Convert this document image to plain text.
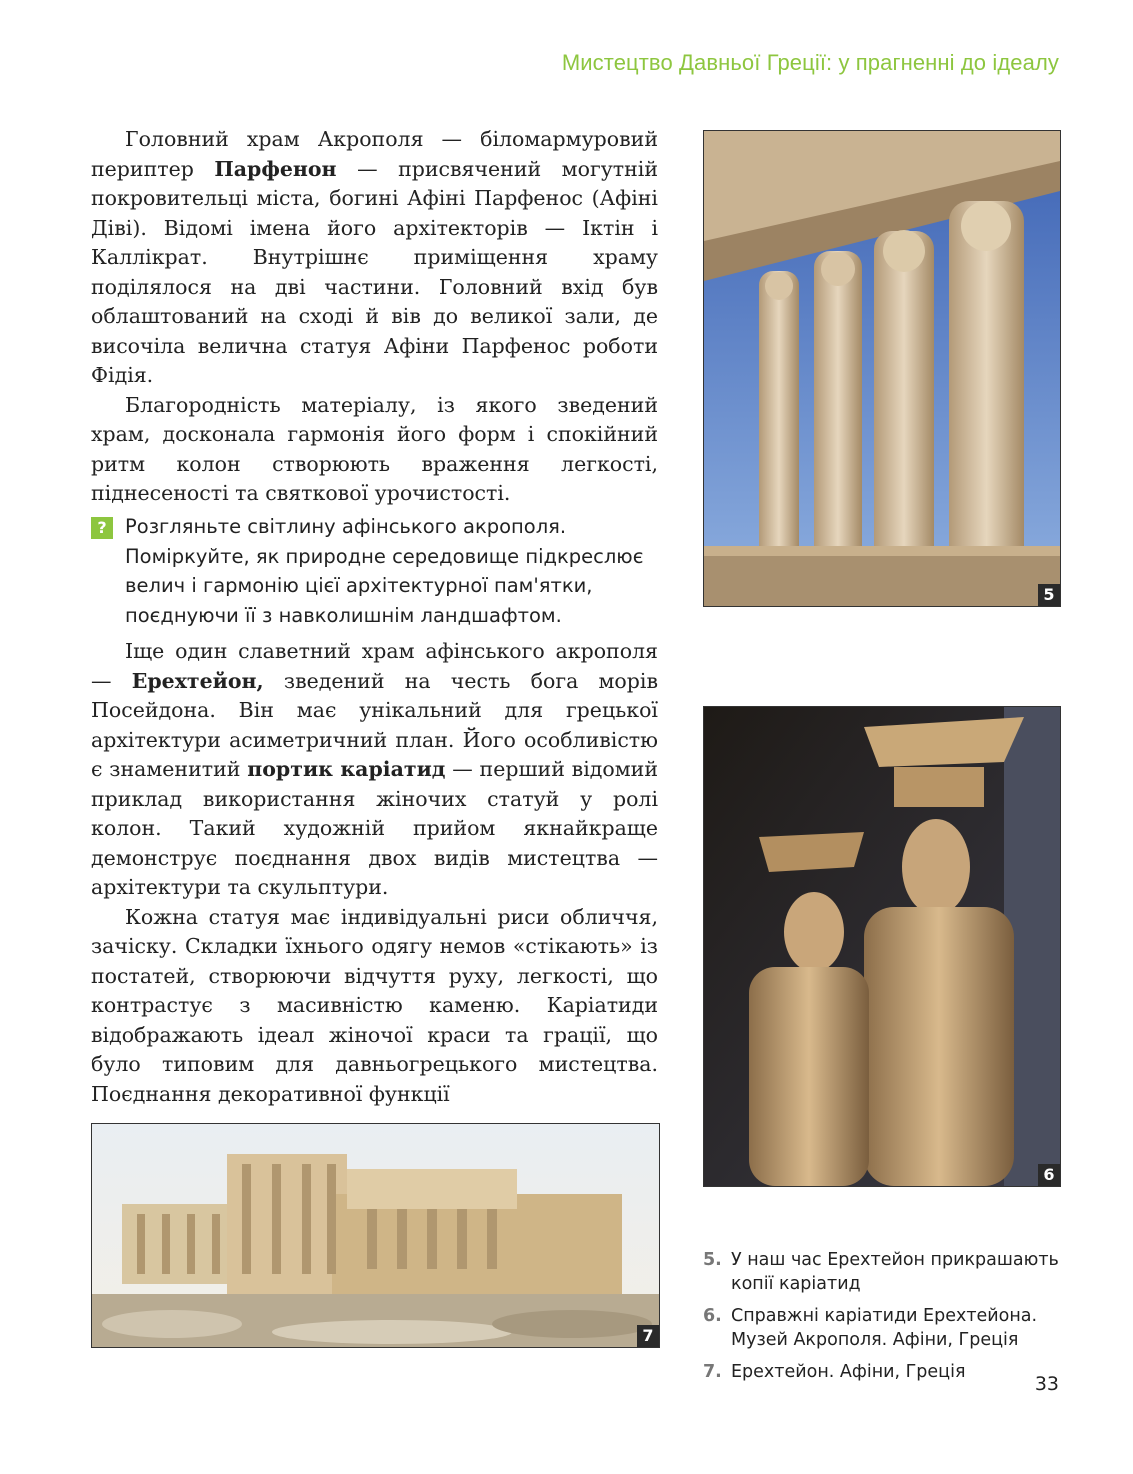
Мистецтво Давньої Греції: у прагненні до ідеалу

Головний храм Акрополя — біломармуровий периптер Парфенон — присвячений могутній покровительці міста, богині Афіні Парфенос (Афіні Діві). Відомі імена його архітекторів — Іктін і Каллікрат. Внутрішнє приміщення храму поділялося на дві частини. Головний вхід був облаштований на сході й вів до великої зали, де височіла велична статуя Афіни Парфенос роботи Фідія.

Благородність матеріалу, із якого зведений храм, досконала гармонія його форм і спокійний ритм колон створюють враження легкості, піднесеності та святкової урочистості.

? Розгляньте світлину афінського акрополя. Поміркуйте, як природне середовище підкреслює велич і гармонію цієї архітектурної пам'ятки, поєднуючи її з навколишнім ландшафтом.

Іще один славетний храм афінського акрополя — Ерехтейон, зведений на честь бога морів Посейдона. Він має унікальний для грецької архітектури асиметричний план. Його особливістю є знаменитий портик каріатид — перший відомий приклад використання жіночих статуй у ролі колон. Такий художній прийом якнайкраще демонструє поєднання двох видів мистецтва — архітектури та скульптури.

Кожна статуя має індивідуальні риси обличчя, зачіску. Складки їхнього одягу немов «стікають» із постатей, створюючи відчуття руху, легкості, що контрастує з масивністю каменю. Каріатиди відображають ідеал жіночої краси та грації, що було типовим для давньогрецького мистецтва. Поєднання декоративної функції

5
6
7
5. У наш час Ерехтейон прикрашають копії каріатид
6. Справжні каріатиди Ерехтейона. Музей Акрополя. Афіни, Греція
7. Ерехтейон. Афіни, Греція
33
